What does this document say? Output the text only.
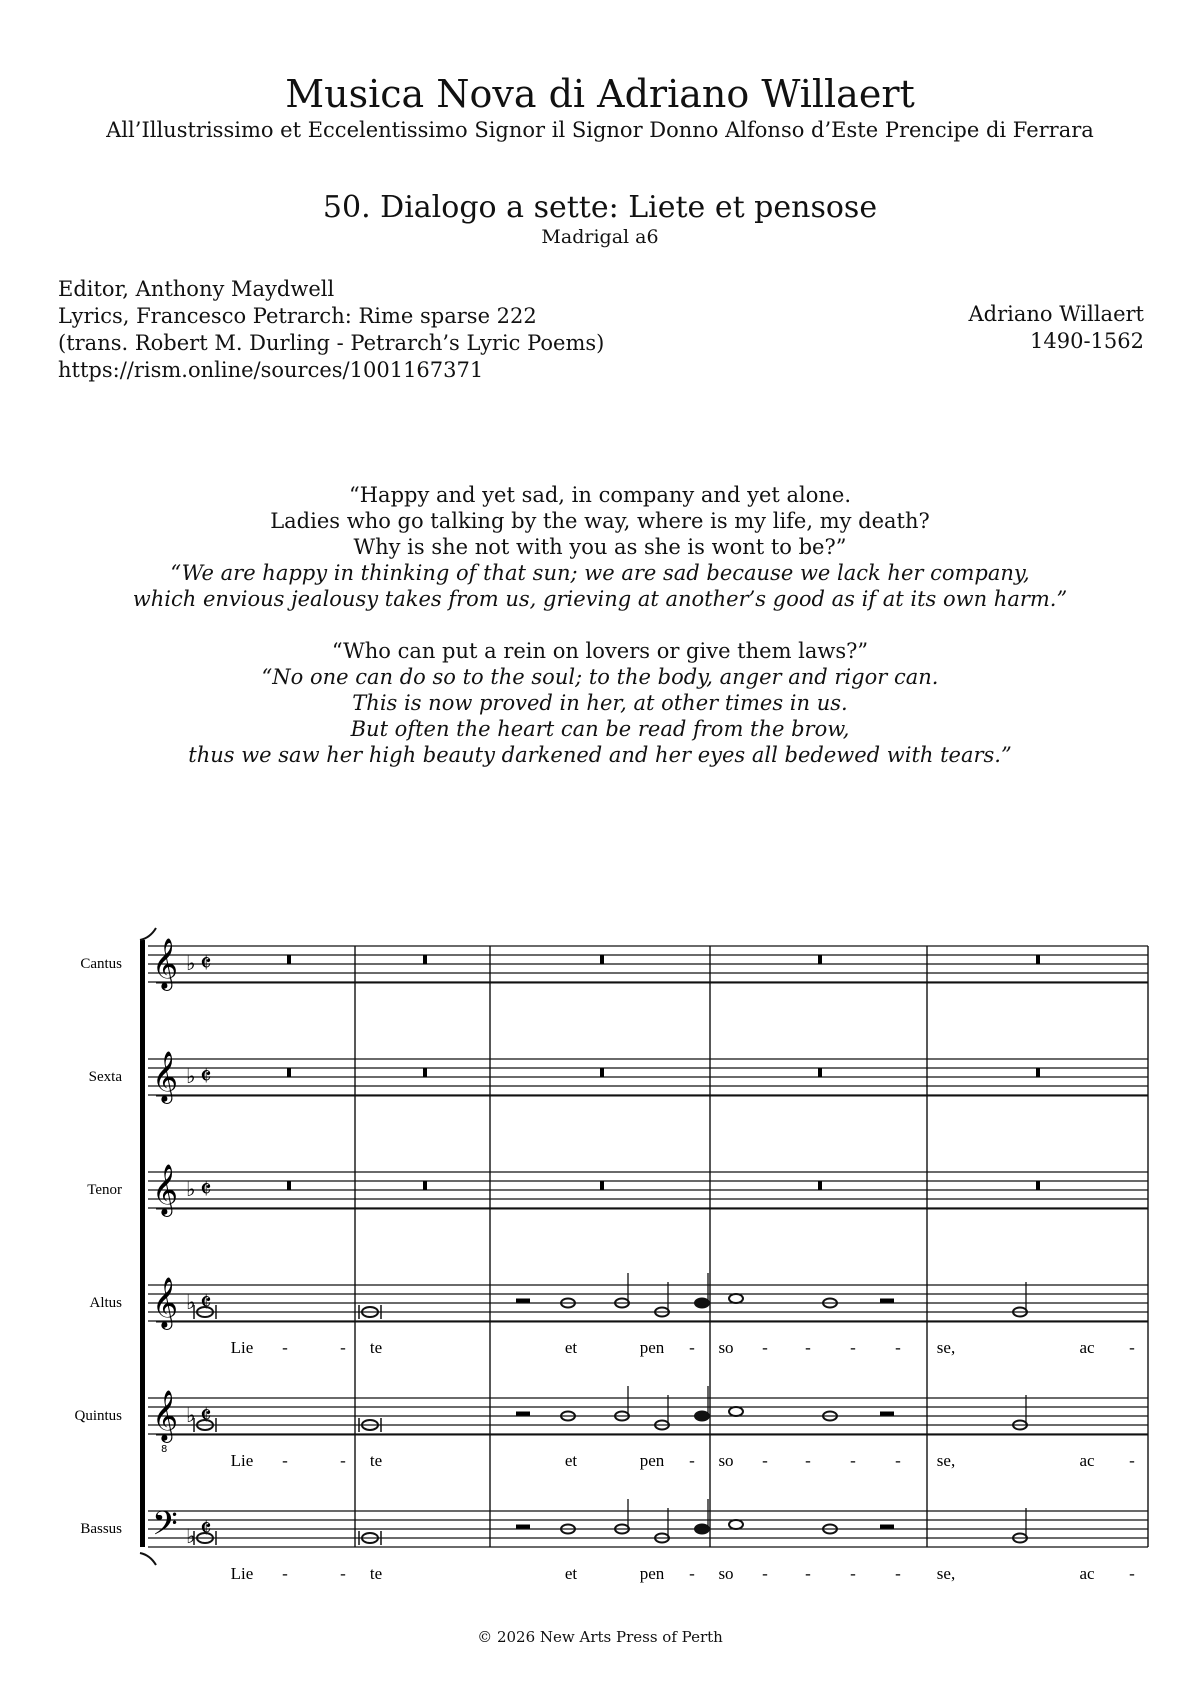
Musica Nova di Adriano Willaert
All’Illustrissimo et Eccelentissimo Signor il Signor Donno Alfonso d’Este Prencipe di Ferrara
50. Dialogo a sette: Liete et pensose
Madrigal a6
Editor, Anthony Maydwell
Lyrics, Francesco Petrarch: Rime sparse 222
(trans. Robert M. Durling - Petrarch’s Lyric Poems)
https://rism.online/sources/1001167371
Adriano Willaert
1490-1562
“Happy and yet sad, in company and yet alone.
Ladies who go talking by the way, where is my life, my death?
Why is she not with you as she is wont to be?”
“We are happy in thinking of that sun; we are sad because we lack her company,
which envious jealousy takes from us, grieving at another’s good as if at its own harm.”
“Who can put a rein on lovers or give them laws?”
“No one can do so to the soul; to the body, anger and rigor can.
This is now proved in her, at other times in us.
But often the heart can be read from the brow,
thus we saw her high beauty darkened and her eyes all bedewed with tears.”
Cantus 𝄞 ♭ 𝄵
Sexta 𝄞 ♭ 𝄵
Tenor 𝄞 ♭ 𝄵
Altus 𝄞 ♭ 𝄵
Lie -	- te	et	pen - so - - - - se,	ac -
Quintus 𝄞
8
♭ 𝄵
Lie -	- te	et	pen - so - - - - se,	ac -
Bassus 𝄢 ♭ 𝄵
Lie -	- te	et	pen - so - - - - se,	ac -
© 2026 New Arts Press of Perth
